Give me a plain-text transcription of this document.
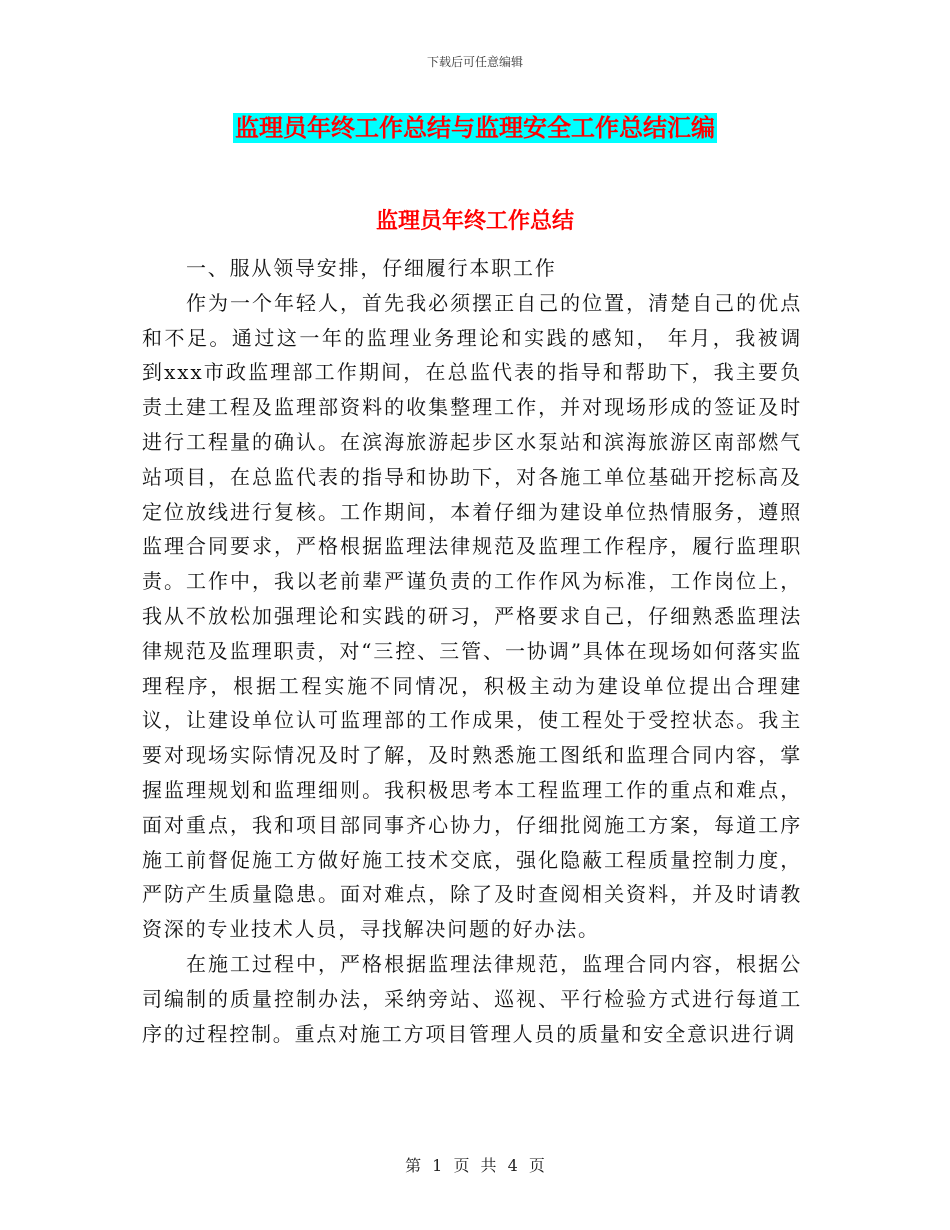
下载后可任意编辑
监理员年终工作总结与监理安全工作总结汇编
监理员年终工作总结

一、服从领导安排，仔细履行本职工作

作为一个年轻人，首先我必须摆正自己的位置，清楚自己的优点和不足。通过这一年的监理业务理论和实践的感知， 年月，我被调到xxx市政监理部工作期间，在总监代表的指导和帮助下，我主要负责土建工程及监理部资料的收集整理工作，并对现场形成的签证及时进行工程量的确认。在滨海旅游起步区水泵站和滨海旅游区南部燃气站项目，在总监代表的指导和协助下，对各施工单位基础开挖标高及定位放线进行复核。工作期间，本着仔细为建设单位热情服务，遵照监理合同要求，严格根据监理法律规范及监理工作程序，履行监理职责。工作中，我以老前辈严谨负责的工作作风为标准，工作岗位上，我从不放松加强理论和实践的研习，严格要求自己，仔细熟悉监理法律规范及监理职责，对“三控、三管、一协调”具体在现场如何落实监理程序，根据工程实施不同情况，积极主动为建设单位提出合理建议，让建设单位认可监理部的工作成果，使工程处于受控状态。我主要对现场实际情况及时了解，及时熟悉施工图纸和监理合同内容，掌握监理规划和监理细则。我积极思考本工程监理工作的重点和难点，面对重点，我和项目部同事齐心协力，仔细批阅施工方案，每道工序施工前督促施工方做好施工技术交底，强化隐蔽工程质量控制力度，严防产生质量隐患。面对难点，除了及时查阅相关资料，并及时请教资深的专业技术人员，寻找解决问题的好办法。

在施工过程中，严格根据监理法律规范，监理合同内容，根据公司编制的质量控制办法，采纳旁站、巡视、平行检验方式进行每道工序的过程控制。重点对施工方项目管理人员的质量和安全意识进行调

第 1 页 共 4 页
